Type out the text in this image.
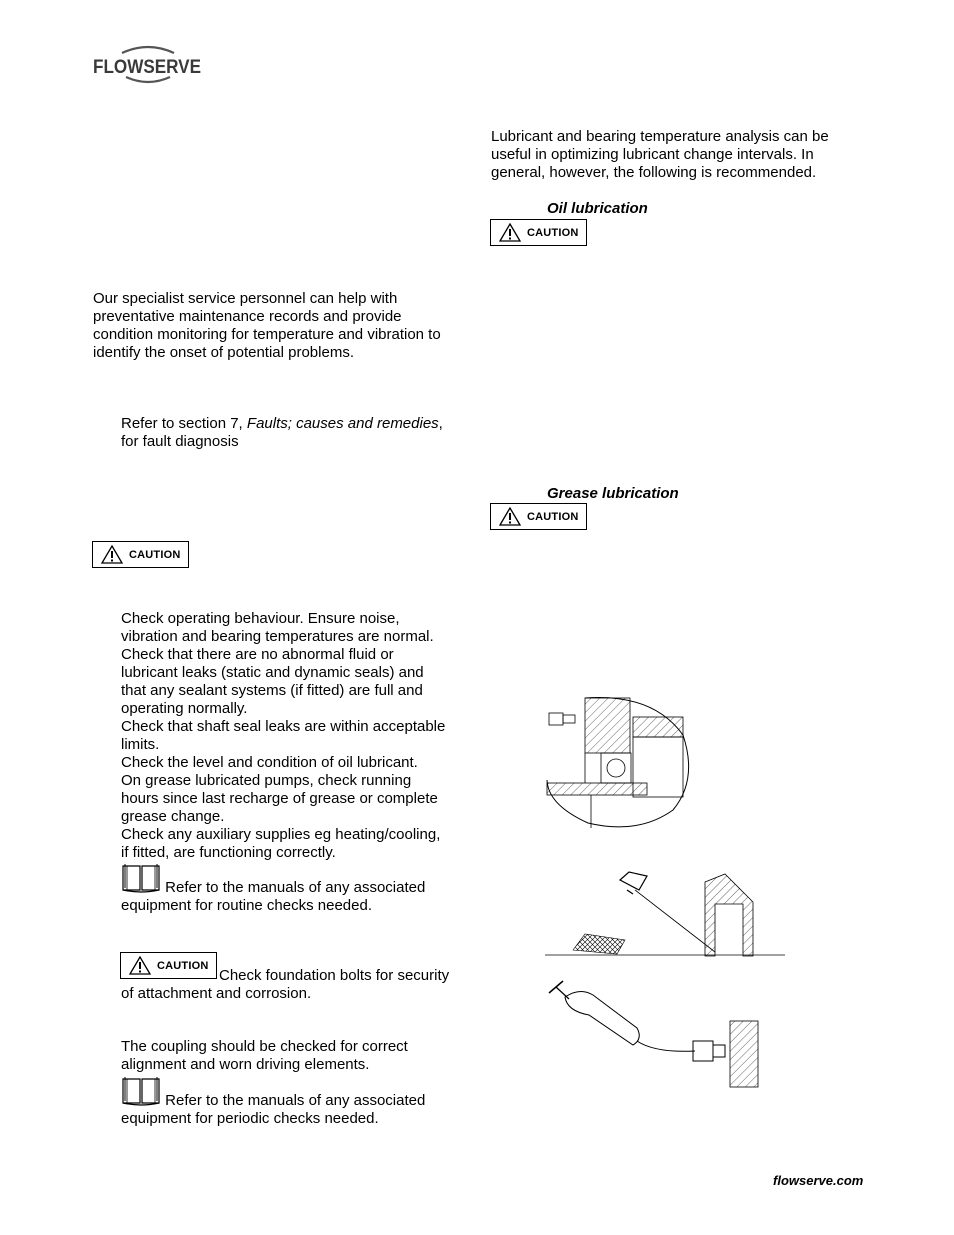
FLOWSERVE
Lubricant and bearing temperature analysis can be useful in optimizing lubricant change intervals. In general, however, the following is recommended.
Oil lubrication
CAUTION
Grease lubrication
CAUTION
Our specialist service personnel can help with preventative maintenance records and provide condition monitoring for temperature and vibration to identify the onset of potential problems.
Refer to section 7, Faults; causes and remedies,
for fault diagnosis
CAUTION
Check operating behaviour. Ensure noise,
vibration and bearing temperatures are normal.
Check that there are no abnormal fluid or
lubricant leaks (static and dynamic seals) and
that any sealant systems (if fitted) are full and
operating normally.
Check that shaft seal leaks are within acceptable
limits.
Check the level and condition of oil lubricant.
On grease lubricated pumps, check running
hours since last recharge of grease or complete
grease change.
Check any auxiliary supplies eg heating/cooling,
if fitted, are functioning correctly.
Refer to the manuals of any associated
equipment for routine checks needed.
CAUTION
Check foundation bolts for security
of attachment and corrosion.
The coupling should be checked for correct
alignment and worn driving elements.
Refer to the manuals of any associated
equipment for periodic checks needed.
flowserve.com
